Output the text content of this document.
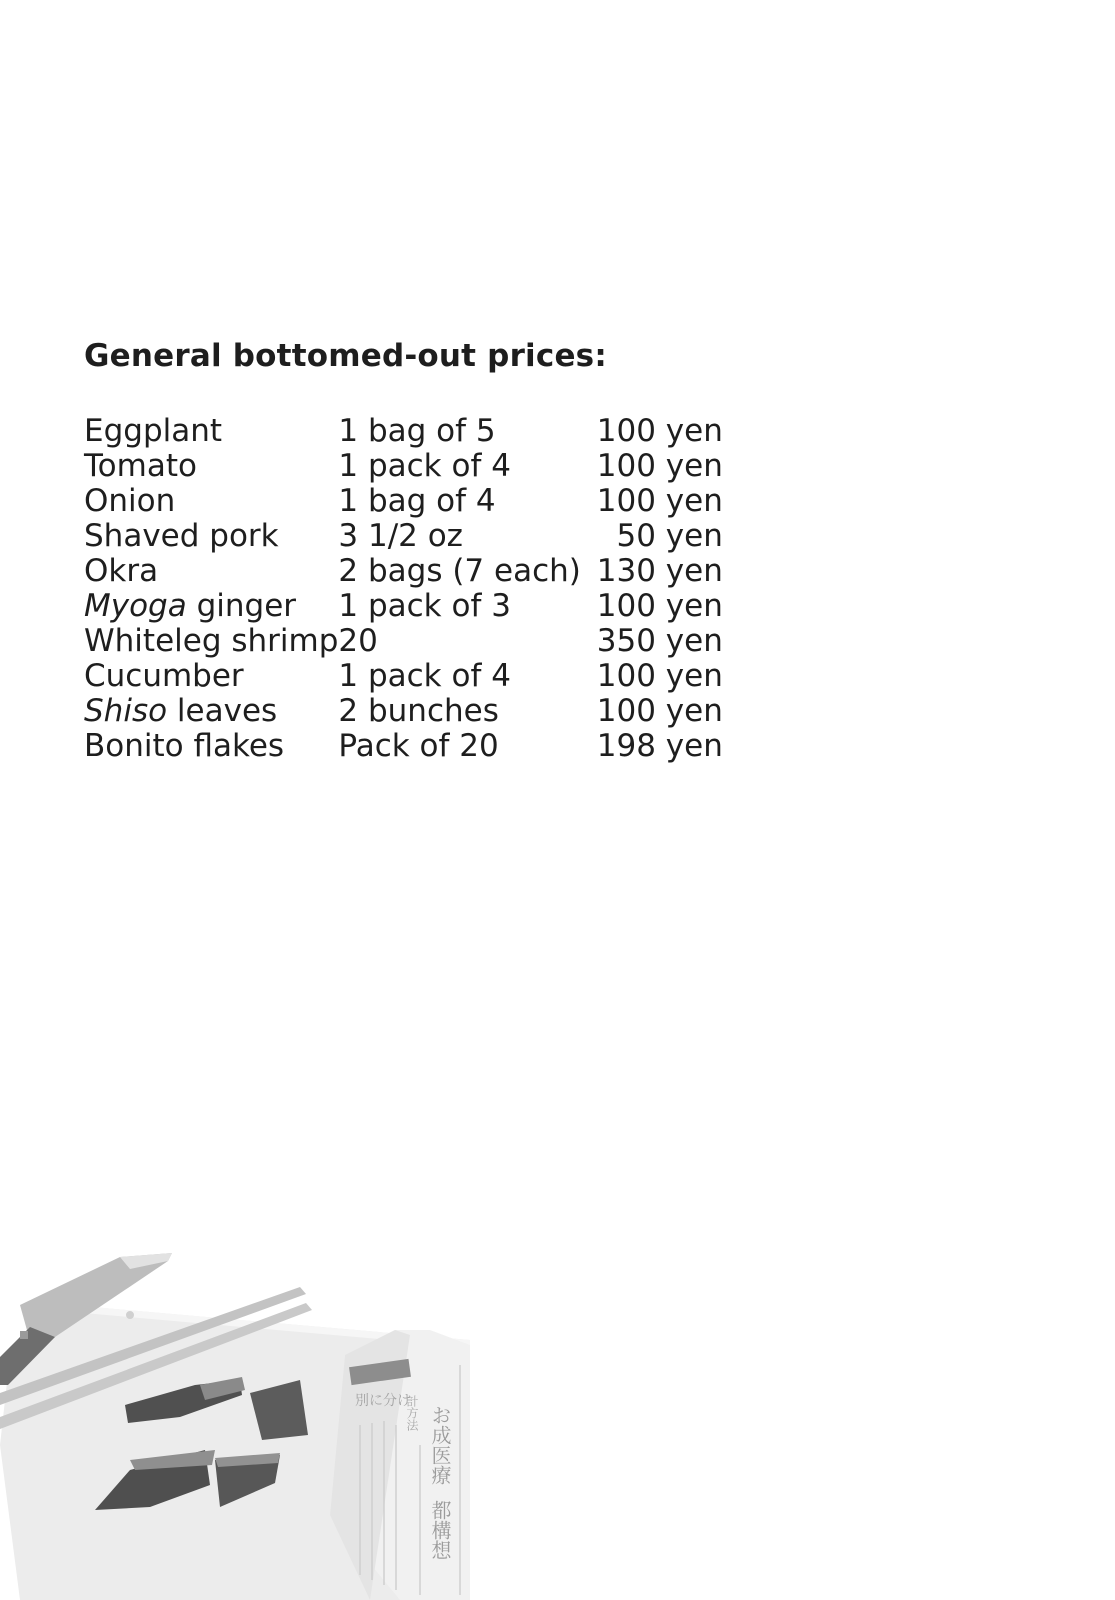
General bottomed-out prices:
Eggplant	1 bag of 5	100 yen
Tomato	1 pack of 4	100 yen
Onion	1 bag of 4	100 yen
Shaved pork	3 1/2 oz	50 yen
Okra	2 bags (7 each)	130 yen
Myoga ginger	1 pack of 3	100 yen
Whiteleg shrimp	20	350 yen
Cucumber	1 pack of 4	100 yen
Shiso leaves	2 bunches	100 yen
Bonito flakes	Pack of 20	198 yen
お成医療
都構想
計方法
別に分け
